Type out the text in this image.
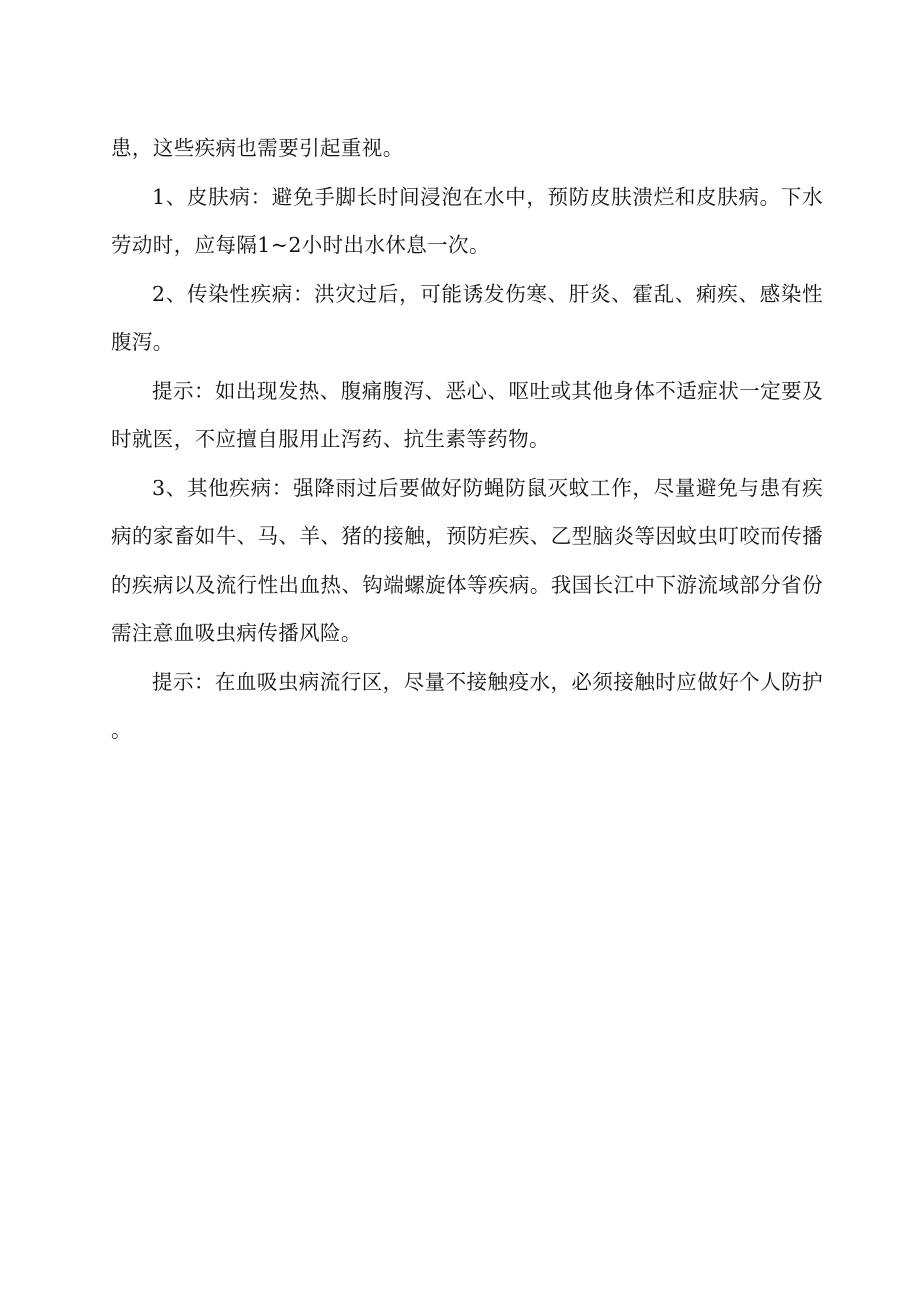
患，这些疾病也需要引起重视。

1、皮肤病：避免手脚长时间浸泡在水中，预防皮肤溃烂和皮肤病。下水劳动时，应每隔1~2小时出水休息一次。

2、传染性疾病：洪灾过后，可能诱发伤寒、肝炎、霍乱、痢疾、感染性腹泻。

提示：如出现发热、腹痛腹泻、恶心、呕吐或其他身体不适症状一定要及时就医，不应擅自服用止泻药、抗生素等药物。

3、其他疾病：强降雨过后要做好防蝇防鼠灭蚊工作，尽量避免与患有疾病的家畜如牛、马、羊、猪的接触，预防疟疾、乙型脑炎等因蚊虫叮咬而传播的疾病以及流行性出血热、钩端螺旋体等疾病。我国长江中下游流域部分省份需注意血吸虫病传播风险。

提示：在血吸虫病流行区，尽量不接触疫水，必须接触时应做好个人防护。
